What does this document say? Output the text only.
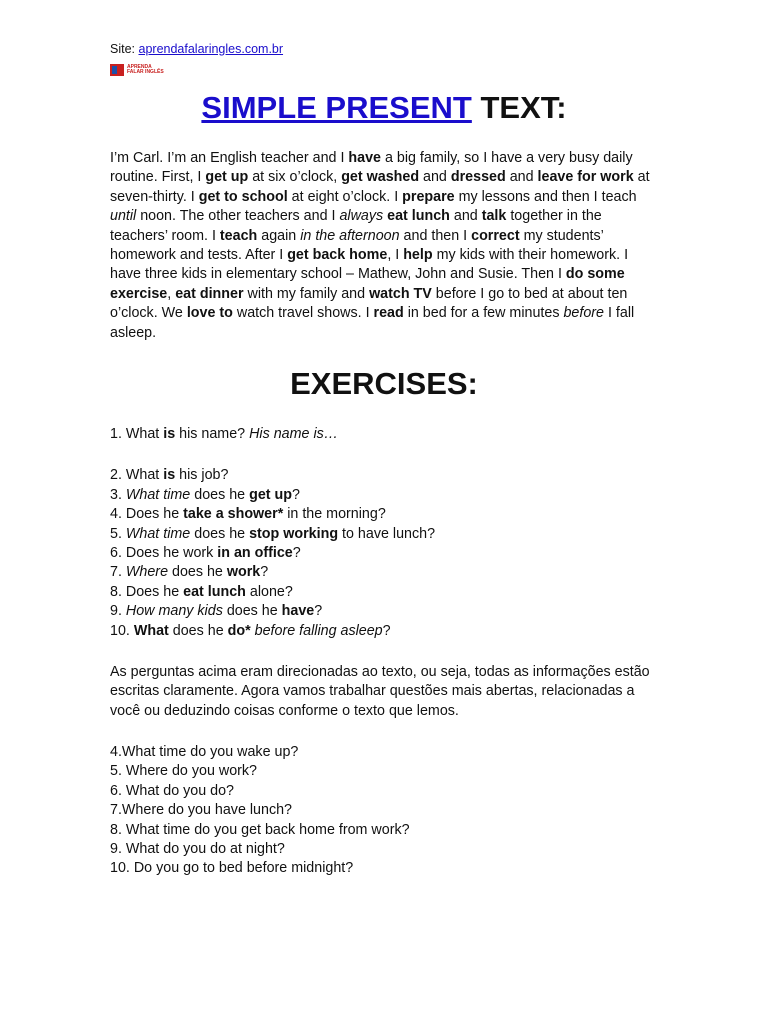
Site: aprendafalaringles.com.br
APRENDA
FALAR INGLÊS
SIMPLE PRESENT TEXT:

I’m Carl. I’m an English teacher and I have a big family, so I have a very busy daily routine. First, I get up at six o’clock, get washed and dressed and leave for work at seven-thirty. I get to school at eight o’clock. I prepare my lessons and then I teach until noon. The other teachers and I always eat lunch and talk together in the teachers’ room. I teach again in the afternoon and then I correct my students’ homework and tests. After I get back home, I help my kids with their homework. I have three kids in elementary school – Mathew, John and Susie. Then I do some exercise, eat dinner with my family and watch TV before I go to bed at about ten o’clock. We love to watch travel shows. I read in bed for a few minutes before I fall asleep.

EXERCISES:
1. What is his name? His name is…
2. What is his job?
3. What time does he get up?
4. Does he take a shower* in the morning?
5. What time does he stop working to have lunch?
6. Does he work in an office?
7. Where does he work?
8. Does he eat lunch alone?
9. How many kids does he have?
10. What does he do* before falling asleep?

As perguntas acima eram direcionadas ao texto, ou seja, todas as informações estão escritas claramente. Agora vamos trabalhar questões mais abertas, relacionadas a você ou deduzindo coisas conforme o texto que lemos.

4.What time do you wake up?
5. Where do you work?
6. What do you do?
7.Where do you have lunch?
8. What time do you get back home from work?
9. What do you do at night?
10. Do you go to bed before midnight?
